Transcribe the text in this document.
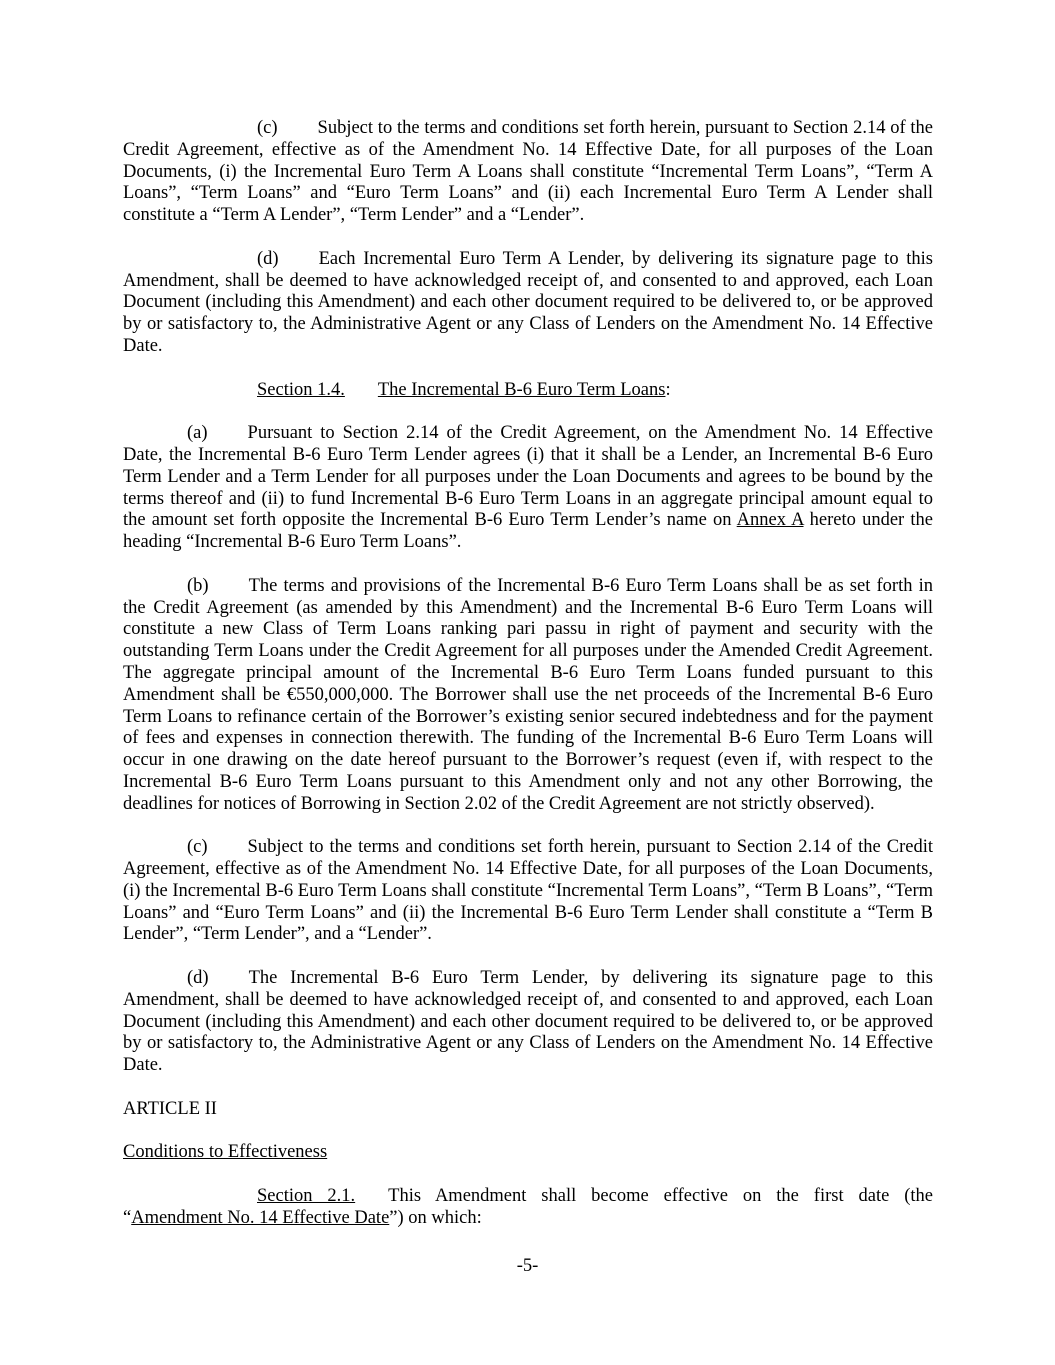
(c) Subject to the terms and conditions set forth herein, pursuant to Section 2.14 of the Credit Agreement, effective as of the Amendment No. 14 Effective Date, for all purposes of the Loan Documents, (i) the Incremental Euro Term A Loans shall constitute “Incremental Term Loans”, “Term A Loans”, “Term Loans” and “Euro Term Loans” and (ii) each Incremental Euro Term A Lender shall constitute a “Term A Lender”, “Term Lender” and a “Lender”.

(d) Each Incremental Euro Term A Lender, by delivering its signature page to this Amendment, shall be deemed to have acknowledged receipt of, and consented to and approved, each Loan Document (including this Amendment) and each other document required to be delivered to, or be approved by or satisfactory to, the Administrative Agent or any Class of Lenders on the Amendment No. 14 Effective Date.

Section 1.4. The Incremental B-6 Euro Term Loans:

(a) Pursuant to Section 2.14 of the Credit Agreement, on the Amendment No. 14 Effective Date, the Incremental B-6 Euro Term Lender agrees (i) that it shall be a Lender, an Incremental B-6 Euro Term Lender and a Term Lender for all purposes under the Loan Documents and agrees to be bound by the terms thereof and (ii) to fund Incremental B-6 Euro Term Loans in an aggregate principal amount equal to the amount set forth opposite the Incremental B-6 Euro Term Lender’s name on Annex A hereto under the heading “Incremental B-6 Euro Term Loans”.

(b) The terms and provisions of the Incremental B-6 Euro Term Loans shall be as set forth in the Credit Agreement (as amended by this Amendment) and the Incremental B-6 Euro Term Loans will constitute a new Class of Term Loans ranking pari passu in right of payment and security with the outstanding Term Loans under the Credit Agreement for all purposes under the Amended Credit Agreement. The aggregate principal amount of the Incremental B-6 Euro Term Loans funded pursuant to this Amendment shall be €550,000,000. The Borrower shall use the net proceeds of the Incremental B-6 Euro Term Loans to refinance certain of the Borrower’s existing senior secured indebtedness and for the payment of fees and expenses in connection therewith. The funding of the Incremental B-6 Euro Term Loans will occur in one drawing on the date hereof pursuant to the Borrower’s request (even if, with respect to the Incremental B-6 Euro Term Loans pursuant to this Amendment only and not any other Borrowing, the deadlines for notices of Borrowing in Section 2.02 of the Credit Agreement are not strictly observed).

(c) Subject to the terms and conditions set forth herein, pursuant to Section 2.14 of the Credit Agreement, effective as of the Amendment No. 14 Effective Date, for all purposes of the Loan Documents, (i) the Incremental B-6 Euro Term Loans shall constitute “Incremental Term Loans”, “Term B Loans”, “Term Loans” and “Euro Term Loans” and (ii) the Incremental B-6 Euro Term Lender shall constitute a “Term B Lender”, “Term Lender”, and a “Lender”.

(d) The Incremental B-6 Euro Term Lender, by delivering its signature page to this Amendment, shall be deemed to have acknowledged receipt of, and consented to and approved, each Loan Document (including this Amendment) and each other document required to be delivered to, or be approved by or satisfactory to, the Administrative Agent or any Class of Lenders on the Amendment No. 14 Effective Date.

ARTICLE II

Conditions to Effectiveness

Section 2.1. This Amendment shall become effective on the first date (the “Amendment No. 14 Effective Date”) on which:

-5-
